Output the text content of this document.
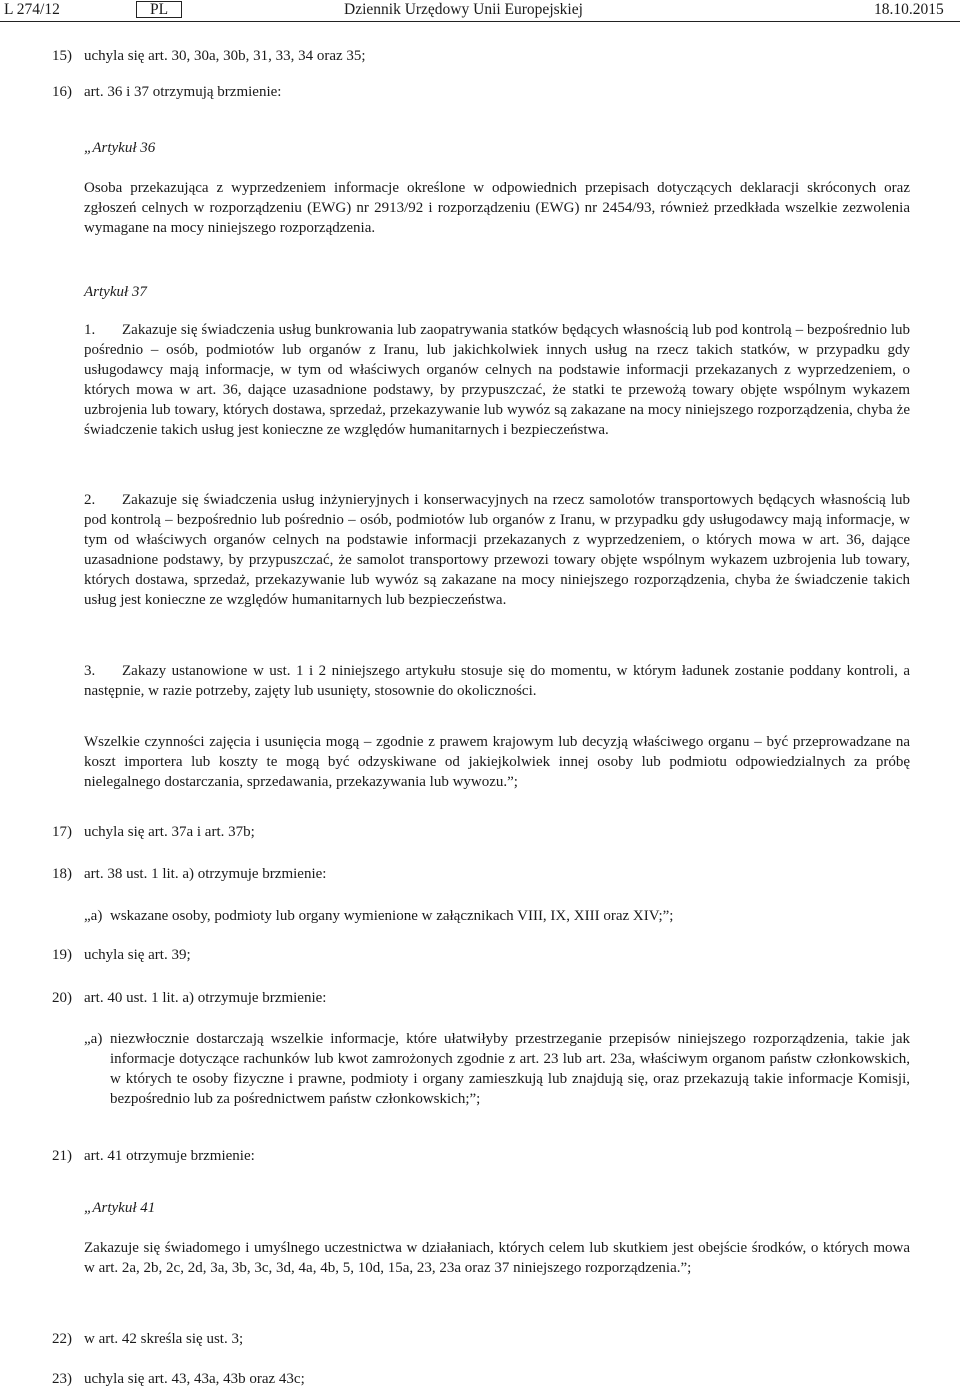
L 274/12	PL	Dziennik Urzędowy Unii Europejskiej	18.10.2015
15) uchyla się art. 30, 30a, 30b, 31, 33, 34 oraz 35;
16) art. 36 i 37 otrzymują brzmienie:
„Artykuł 36

Osoba przekazująca z wyprzedzeniem informacje określone w odpowiednich przepisach dotyczących deklaracji skróconych oraz zgłoszeń celnych w rozporządzeniu (EWG) nr 2913/92 i rozporządzeniu (EWG) nr 2454/93, również przedkłada wszelkie zezwolenia wymagane na mocy niniejszego rozporządzenia.

Artykuł 37

1. Zakazuje się świadczenia usług bunkrowania lub zaopatrywania statków będących własnością lub pod kontrolą – bezpośrednio lub pośrednio – osób, podmiotów lub organów z Iranu, lub jakichkolwiek innych usług na rzecz takich statków, w przypadku gdy usługodawcy mają informacje, w tym od właściwych organów celnych na podstawie informacji przekazanych z wyprzedzeniem, o których mowa w art. 36, dające uzasadnione podstawy, by przypuszczać, że statki te przewożą towary objęte wspólnym wykazem uzbrojenia lub towary, których dostawa, sprzedaż, przekazywanie lub wywóz są zakazane na mocy niniejszego rozporządzenia, chyba że świadczenie takich usług jest konieczne ze względów humanitarnych i bezpieczeństwa.

2. Zakazuje się świadczenia usług inżynieryjnych i konserwacyjnych na rzecz samolotów transportowych będących własnością lub pod kontrolą – bezpośrednio lub pośrednio – osób, podmiotów lub organów z Iranu, w przypadku gdy usługodawcy mają informacje, w tym od właściwych organów celnych na podstawie informacji przekazanych z wyprzedzeniem, o których mowa w art. 36, dające uzasadnione podstawy, by przypuszczać, że samolot transportowy przewozi towary objęte wspólnym wykazem uzbrojenia lub towary, których dostawa, sprzedaż, przekazywanie lub wywóz są zakazane na mocy niniejszego rozporządzenia, chyba że świadczenie takich usług jest konieczne ze względów humanitarnych lub bezpieczeństwa.

3. Zakazy ustanowione w ust. 1 i 2 niniejszego artykułu stosuje się do momentu, w którym ładunek zostanie poddany kontroli, a następnie, w razie potrzeby, zajęty lub usunięty, stosownie do okoliczności.

Wszelkie czynności zajęcia i usunięcia mogą – zgodnie z prawem krajowym lub decyzją właściwego organu – być przeprowadzane na koszt importera lub koszty te mogą być odzyskiwane od jakiejkolwiek innej osoby lub podmiotu odpowiedzialnych za próbę nielegalnego dostarczania, sprzedawania, przekazywania lub wywozu.”;

17) uchyla się art. 37a i art. 37b;
18) art. 38 ust. 1 lit. a) otrzymuje brzmienie:
„a) wskazane osoby, podmioty lub organy wymienione w załącznikach VIII, IX, XIII oraz XIV;”;
19) uchyla się art. 39;
20) art. 40 ust. 1 lit. a) otrzymuje brzmienie:
„a) niezwłocznie dostarczają wszelkie informacje, które ułatwiłyby przestrzeganie przepisów niniejszego rozporządzenia, takie jak informacje dotyczące rachunków lub kwot zamrożonych zgodnie z art. 23 lub art. 23a, właściwym organom państw członkowskich, w których te osoby fizyczne i prawne, podmioty i organy zamieszkują lub znajdują się, oraz przekazują takie informacje Komisji, bezpośrednio lub za pośrednictwem państw członkowskich;”;
21) art. 41 otrzymuje brzmienie:
„Artykuł 41

Zakazuje się świadomego i umyślnego uczestnictwa w działaniach, których celem lub skutkiem jest obejście środków, o których mowa w art. 2a, 2b, 2c, 2d, 3a, 3b, 3c, 3d, 4a, 4b, 5, 10d, 15a, 23, 23a oraz 37 niniejszego rozporządzenia.”;

22) w art. 42 skreśla się ust. 3;
23) uchyla się art. 43, 43a, 43b oraz 43c;
